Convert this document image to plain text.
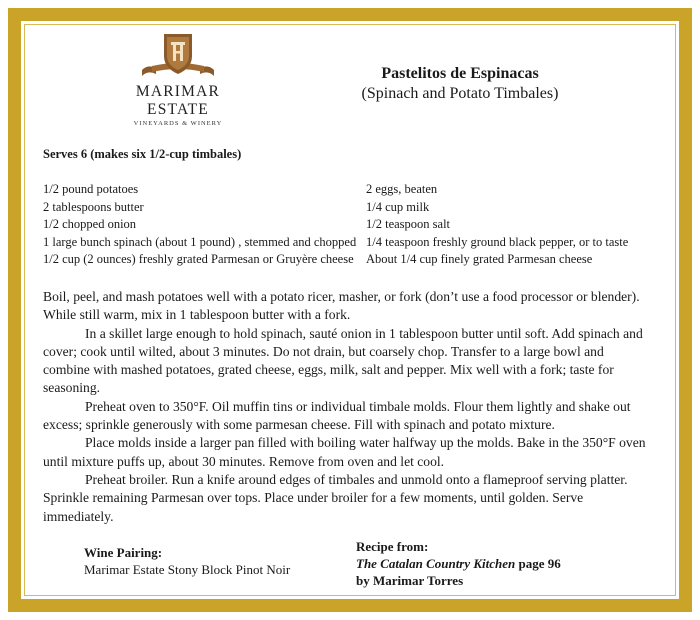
MARIMAR ESTATE
VINEYARDS & WINERY
Pastelitos de Espinacas
(Spinach and Potato Timbales)
Serves 6 (makes six 1/2-cup timbales)
1/2 pound potatoes
2 tablespoons butter
1/2 chopped onion
1 large bunch spinach (about 1 pound) , stemmed and chopped
1/2 cup (2 ounces) freshly grated Parmesan or Gruyère cheese
2 eggs, beaten
1/4 cup milk
1/2 teaspoon salt
1/4 teaspoon freshly ground black pepper, or to taste
About 1/4 cup finely grated Parmesan cheese

Boil, peel, and mash potatoes well with a potato ricer, masher, or fork (don’t use a food processor or blender). While still warm, mix in 1 tablespoon butter with a fork.

In a skillet large enough to hold spinach, sauté onion in 1 tablespoon butter until soft. Add spinach and cover; cook until wilted, about 3 minutes. Do not drain, but coarsely chop. Transfer to a large bowl and combine with mashed potatoes, grated cheese, eggs, milk, salt and pepper. Mix well with a fork; taste for seasoning.

Preheat oven to 350°F. Oil muffin tins or individual timbale molds. Flour them lightly and shake out excess; sprinkle generously with some parmesan cheese. Fill with spinach and potato mixture.

Place molds inside a larger pan filled with boiling water halfway up the molds. Bake in the 350°F oven until mixture puffs up, about 30 minutes. Remove from oven and let cool.

Preheat broiler. Run a knife around edges of timbales and unmold onto a flameproof serving platter. Sprinkle remaining Parmesan over tops. Place under broiler for a few moments, until golden. Serve immediately.

Wine Pairing:
Marimar Estate Stony Block Pinot Noir
Recipe from:
The Catalan Country Kitchen page 96
by Marimar Torres
